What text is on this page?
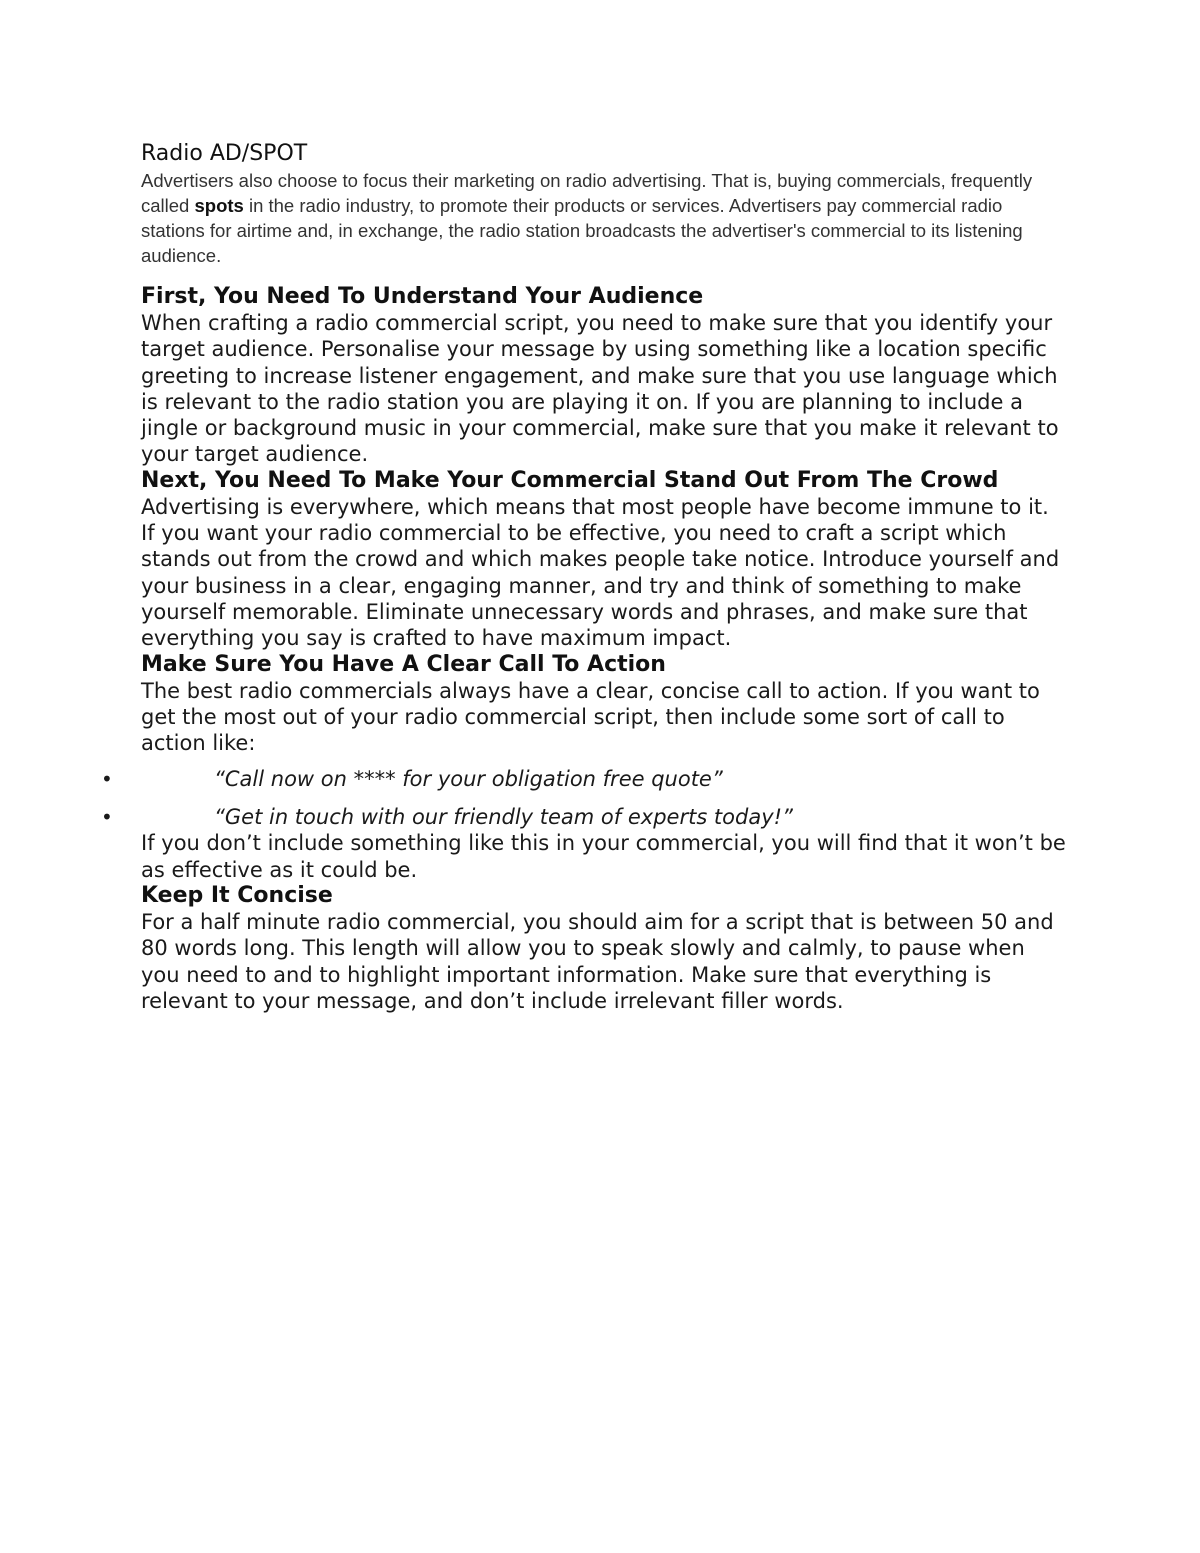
Radio AD/SPOT

Advertisers also choose to focus their marketing on radio advertising. That is, buying commercials, frequently called spots in the radio industry, to promote their products or services. Advertisers pay commercial radio stations for airtime and, in exchange, the radio station broadcasts the advertiser's commercial to its listening audience.

First, You Need To Understand Your Audience

When crafting a radio commercial script, you need to make sure that you identify your target audience. Personalise your message by using something like a location specific greeting to increase listener engagement, and make sure that you use language which is relevant to the radio station you are playing it on. If you are planning to include a jingle or background music in your commercial, make sure that you make it relevant to your target audience.

Next, You Need To Make Your Commercial Stand Out From The Crowd

Advertising is everywhere, which means that most people have become immune to it. If you want your radio commercial to be effective, you need to craft a script which stands out from the crowd and which makes people take notice. Introduce yourself and your business in a clear, engaging manner, and try and think of something to make yourself memorable. Eliminate unnecessary words and phrases, and make sure that everything you say is crafted to have maximum impact.

Make Sure You Have A Clear Call To Action

The best radio commercials always have a clear, concise call to action. If you want to get the most out of your radio commercial script, then include some sort of call to action like:

•	“Call now on **** for your obligation free quote”
•	“Get in touch with our friendly team of experts today!”

If you don’t include something like this in your commercial, you will find that it won’t be as effective as it could be.

Keep It Concise

For a half minute radio commercial, you should aim for a script that is between 50 and 80 words long. This length will allow you to speak slowly and calmly, to pause when you need to and to highlight important information. Make sure that everything is relevant to your message, and don’t include irrelevant filler words.
